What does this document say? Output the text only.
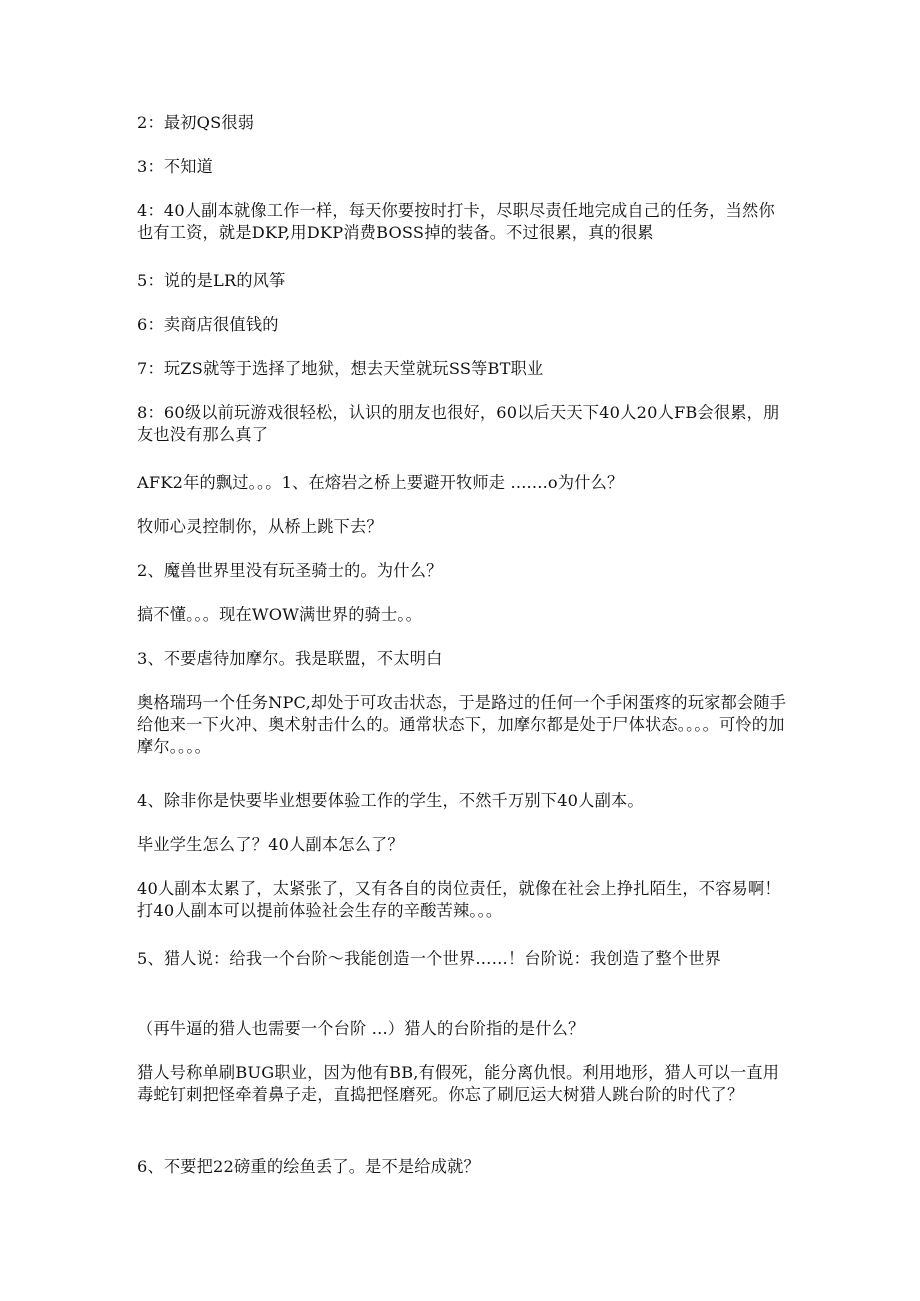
2：最初QS很弱

3：不知道

4：40人副本就像工作一样，每天你要按时打卡，尽职尽责任地完成自己的任务，当然你也有工资，就是DKP,用DKP消费BOSS掉的装备。不过很累，真的很累

5：说的是LR的风筝

6：卖商店很值钱的

7：玩ZS就等于选择了地狱，想去天堂就玩SS等BT职业

8：60级以前玩游戏很轻松，认识的朋友也很好，60以后天天下40人20人FB会很累，朋友也没有那么真了

AFK2年的飘过。。。1、在熔岩之桥上要避开牧师走 .......o为什么？

牧师心灵控制你，从桥上跳下去？

2、魔兽世界里没有玩圣骑士的。为什么？

搞不懂。。。现在WOW满世界的骑士。。

3、不要虐待加摩尔。我是联盟，不太明白

奥格瑞玛一个任务NPC,却处于可攻击状态，于是路过的任何一个手闲蛋疼的玩家都会随手给他来一下火冲、奥术射击什么的。通常状态下，加摩尔都是处于尸体状态。。。。可怜的加摩尔。。。。

4、除非你是快要毕业想要体验工作的学生，不然千万别下40人副本。

毕业学生怎么了？40人副本怎么了？

40人副本太累了，太紧张了，又有各自的岗位责任，就像在社会上挣扎陌生，不容易啊！打40人副本可以提前体验社会生存的辛酸苦辣。。。

5、猎人说：给我一个台阶～我能创造一个世界……！台阶说：我创造了整个世界

（再牛逼的猎人也需要一个台阶 ...）猎人的台阶指的是什么？

猎人号称单刷BUG职业，因为他有BB,有假死，能分离仇恨。利用地形，猎人可以一直用毒蛇钉刺把怪牵着鼻子走，直捣把怪磨死。你忘了刷厄运大树猎人跳台阶的时代了？

6、不要把22磅重的绘鱼丢了。是不是给成就？
